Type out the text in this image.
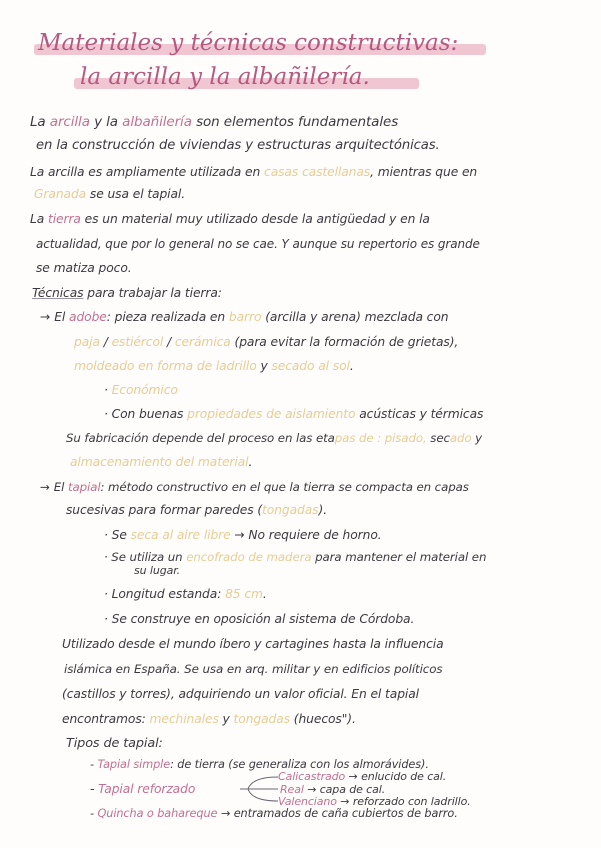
Materiales y técnicas constructivas:
la arcilla y la albañilería.
La arcilla y la albañilería son elementos fundamentales
en la construcción de viviendas y estructuras arquitectónicas.
La arcilla es ampliamente utilizada en casas castellanas, mientras que en
Granada se usa el tapial.
La tierra es un material muy utilizado desde la antigüedad y en la
actualidad, que por lo general no se cae. Y aunque su repertorio es grande
se matiza poco.
Técnicas para trabajar la tierra:
→ El adobe: pieza realizada en barro (arcilla y arena) mezclada con
paja / estiércol / cerámica (para evitar la formación de grietas),
moldeado en forma de ladrillo y secado al sol.
· Económico
· Con buenas propiedades de aislamiento acústicas y térmicas
Su fabricación depende del proceso en las etapas de : pisado, secado y
almacenamiento del material.
→ El tapial: método constructivo en el que la tierra se compacta en capas
sucesivas para formar paredes (tongadas).
· Se seca al aire libre → No requiere de horno.
· Se utiliza un encofrado de madera para mantener el material en
su lugar.
· Longitud estanda: 85 cm.
· Se construye en oposición al sistema de Córdoba.
Utilizado desde el mundo íbero y cartagines hasta la influencia
islámica en España. Se usa en arq. militar y en edificios políticos
(castillos y torres), adquiriendo un valor oficial. En el tapial
encontramos: mechinales y tongadas (huecos").
Tipos de tapial:
- Tapial simple: de tierra (se generaliza con los almorávides).
Calicastrado → enlucido de cal.
- Tapial reforzado	Real → capa de cal.
Valenciano → reforzado con ladrillo.
- Quincha o bahareque → entramados de caña cubiertos de barro.
